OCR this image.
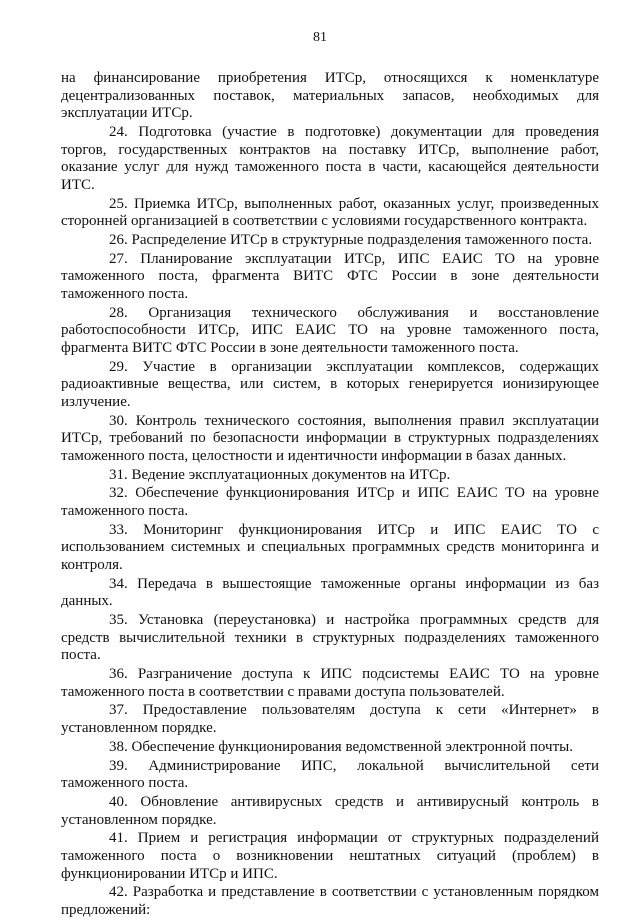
81

на финансирование приобретения ИТСр, относящихся к номенклатуре децентрализованных поставок, материальных запасов, необходимых для эксплуатации ИТСр.

24. Подготовка (участие в подготовке) документации для проведения торгов, государственных контрактов на поставку ИТСр, выполнение работ, оказание услуг для нужд таможенного поста в части, касающейся деятельности ИТС.

25. Приемка ИТСр, выполненных работ, оказанных услуг, произведенных сторонней организацией в соответствии с условиями государственного контракта.

26. Распределение ИТСр в структурные подразделения таможенного поста.

27. Планирование эксплуатации ИТСр, ИПС ЕАИС ТО на уровне таможенного поста, фрагмента ВИТС ФТС России в зоне деятельности таможенного поста.

28. Организация технического обслуживания и восстановление работоспособности ИТСр, ИПС ЕАИС ТО на уровне таможенного поста, фрагмента ВИТС ФТС России в зоне деятельности таможенного поста.

29. Участие в организации эксплуатации комплексов, содержащих радиоактивные вещества, или систем, в которых генерируется ионизирующее излучение.

30. Контроль технического состояния, выполнения правил эксплуатации ИТСр, требований по безопасности информации в структурных подразделениях таможенного поста, целостности и идентичности информации в базах данных.

31. Ведение эксплуатационных документов на ИТСр.

32. Обеспечение функционирования ИТСр и ИПС ЕАИС ТО на уровне таможенного поста.

33. Мониторинг функционирования ИТСр и ИПС ЕАИС ТО с использованием системных и специальных программных средств мониторинга и контроля.

34. Передача в вышестоящие таможенные органы информации из баз данных.

35. Установка (переустановка) и настройка программных средств для средств вычислительной техники в структурных подразделениях таможенного поста.

36. Разграничение доступа к ИПС подсистемы ЕАИС ТО на уровне таможенного поста в соответствии с правами доступа пользователей.

37. Предоставление пользователям доступа к сети «Интернет» в установленном порядке.

38. Обеспечение функционирования ведомственной электронной почты.

39. Администрирование ИПС, локальной вычислительной сети таможенного поста.

40. Обновление антивирусных средств и антивирусный контроль в установленном порядке.

41. Прием и регистрация информации от структурных подразделений таможенного поста о возникновении нештатных ситуаций (проблем) в функционировании ИТСр и ИПС.

42. Разработка и представление в соответствии с установленным порядком предложений:
